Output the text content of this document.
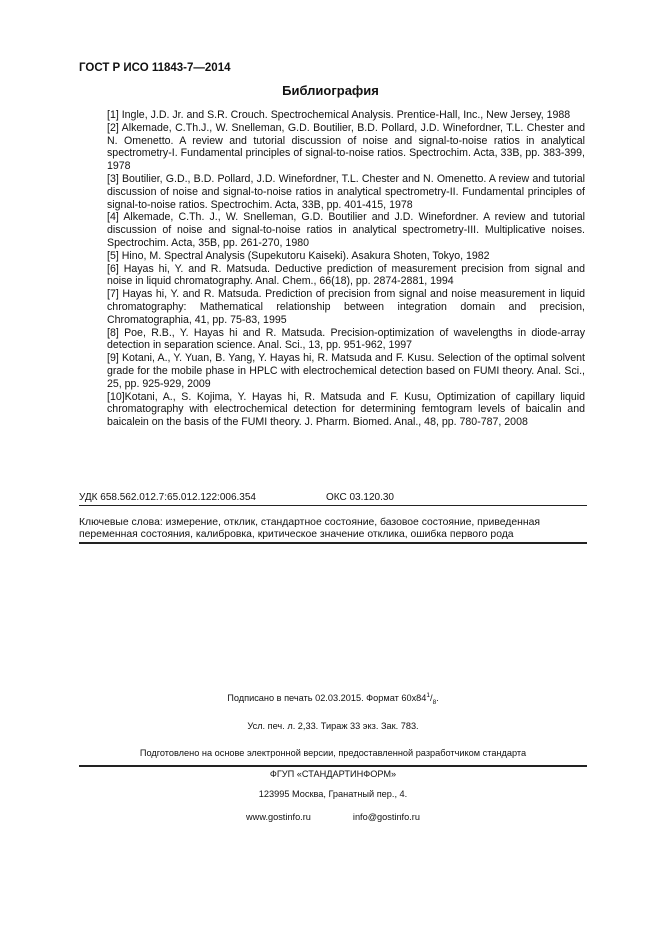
ГОСТ Р ИСО 11843-7—2014
Библиография

[1] Ingle, J.D. Jr. and S.R. Crouch. Spectrochemical Analysis. Prentice-Hall, Inc., New Jersey, 1988

[2] Alkemade, C.Th.J., W. Snelleman, G.D. Boutilier, B.D. Pollard, J.D. Winefordner, T.L. Chester and N. Omenetto. A review and tutorial discussion of noise and signal-to-noise ratios in analytical spectrometry-I. Fundamental principles of signal-to-noise ratios. Spectrochim. Acta, 33B, pp. 383-399, 1978

[3] Boutilier, G.D., B.D. Pollard, J.D. Winefordner, T.L. Chester and N. Omenetto. A review and tutorial discussion of noise and signal-to-noise ratios in analytical spectrometry-II. Fundamental principles of signal-to-noise ratios. Spectrochim. Acta, 33B, pp. 401-415, 1978

[4] Alkemade, C.Th. J., W. Snelleman, G.D. Boutilier and J.D. Winefordner. A review and tutorial discussion of noise and signal-to-noise ratios in analytical spectrometry-III. Multiplicative noises. Spectrochim. Acta, 35B, pp. 261-270, 1980

[5] Hino, M. Spectral Analysis (Supekutoru Kaiseki). Asakura Shoten, Tokyo, 1982

[6] Hayas hi, Y. and R. Matsuda. Deductive prediction of measurement precision from signal and noise in liquid chromatography. Anal. Chem., 66(18), pp. 2874-2881, 1994

[7] Hayas hi, Y. and R. Matsuda. Prediction of precision from signal and noise measurement in liquid chromatography: Mathematical relationship between integration domain and precision, Chromatographia, 41, pp. 75-83, 1995

[8] Poe, R.B., Y. Hayas hi and R. Matsuda. Precision-optimization of wavelengths in diode-array detection in separation science. Anal. Sci., 13, pp. 951-962, 1997

[9] Kotani, A., Y. Yuan, B. Yang, Y. Hayas hi, R. Matsuda and F. Kusu. Selection of the optimal solvent grade for the mobile phase in HPLC with electrochemical detection based on FUMI theory. Anal. Sci., 25, pp. 925-929, 2009

[10]Kotani, A., S. Kojima, Y. Hayas hi, R. Matsuda and F. Kusu, Optimization of capillary liquid chromatography with electrochemical detection for determining femtogram levels of baicalin and baicalein on the basis of the FUMI theory. J. Pharm. Biomed. Anal., 48, pp. 780-787, 2008

УДК 658.562.012.7:65.012.122:006.354	ОКС 03.120.30
Ключевые слова: измерение, отклик, стандартное состояние, базовое состояние, приведенная переменная состояния, калибровка, критическое значение отклика, ошибка первого рода
Подписано в печать 02.03.2015. Формат $60x84^1/_8$.
Усл. печ. л. 2,33. Тираж 33 экз. Зак. 783.
Подготовлено на основе электронной версии, предоставленной разработчиком стандарта
ФГУП «СТАНДАРТИНФОРМ»
123995 Москва, Гранатный пер., 4.
www.gostinfo.ru	info@gostinfo.ru
